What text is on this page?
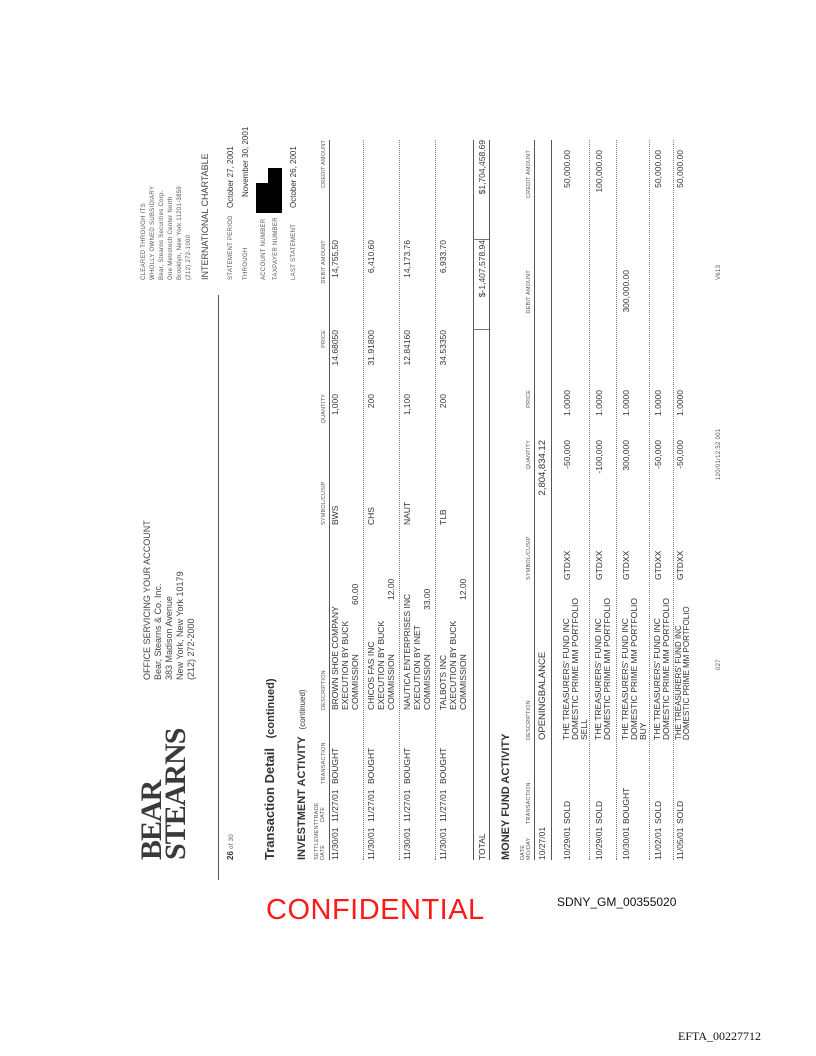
BEAR
STEARNS
OFFICE SERVICING YOUR ACCOUNT Bear, Stearns & Co. Inc. 383 Madison Avenue New York, New York 10179 (212) 272-2000
CLEARED THROUGH ITS WHOLLY OWNED SUBSIDIARY Bear, Stearns Securities Corp. One Metrotech Center North Brooklyn, New York 11201-3859 (212) 272-1000 INTERNATIONAL CHARTABLE	STATEMENT PERIOD
October 27, 2001
THROUGH
November 30, 2001
ACCOUNT NUMBER TAXPAYER NUMBER LAST STATEMENT
October 26, 2001
26 of 30 Transaction Detail (continued)
INVESTMENT ACTIVITY (continued)
SETTLEMENT DATE
TRADE DATE
TRANSACTION
DESCRIPTION
SYMBOL/CUSIP
QUANTITY
PRICE
DEBIT AMOUNT
CREDIT AMOUNT
11/30/01
11/27/01
BOUGHT
BROWN SHOE COMPANY EXECUTION BY BUCK COMMISSION
60.00
BWS
1,000
14.68050
14,755.50
11/30/01
11/27/01
BOUGHT
CHICOS FAS INC EXECUTION BY BUCK COMMISSION
12.00
CHS
200
31.91800
6,410.60
11/30/01
11/27/01
BOUGHT
NAUTICA ENTERPRISES INC EXECUTION BY INET COMMISSION
33.00
NAUT
1,100
12.84160
14,173.76
11/30/01
11/27/01
BOUGHT
TALBOTS INC EXECUTION BY BUCK COMMISSION
12.00
TLB
200
34.53350
6,933.70
TOTAL
$-1,407,578.94
$1,704,458.69
MONEY FUND ACTIVITY DATE MO/DAY
TRANSACTION
DESCRIPTION
SYMBOL/CUSIP
QUANTITY
PRICE
DEBIT AMOUNT
CREDIT AMOUNT
10/27/01
OPENINGBALANCE
2,804,834.12
10/29/01
SOLD
THE TREASURERS' FUND INC DOMESTIC PRIME MM PORTFOLIO SELL
GTDXX
-50,000
1.0000
50,000.00
10/29/01
SOLD
THE TREASURERS' FUND INC DOMESTIC PRIME MM PORTFOLIO
GTDXX
-100,000
1.0000
100,000.00
10/30/01
BOUGHT
THE TREASURERS' FUND INC DOMESTIC PRIME MM PORTFOLIO BUY
GTDXX
300,000
1.0000
300,000.00
11/02/01
SOLD
THE TREASURERS' FUND INC DOMESTIC PRIME MM PORTFOLIO
GTDXX
-50,000
1.0000
50,000.00
11/05/01
SOLD
THE TREASURERS' FUND INC DOMESTIC PRIME MM PORTFOLIO
GTDXX
-50,000
1.0000
50,000.00
027
120/01/12:52 001
V613
CONFIDENTIAL	SDNY_GM_00355020
EFTA_00227712
